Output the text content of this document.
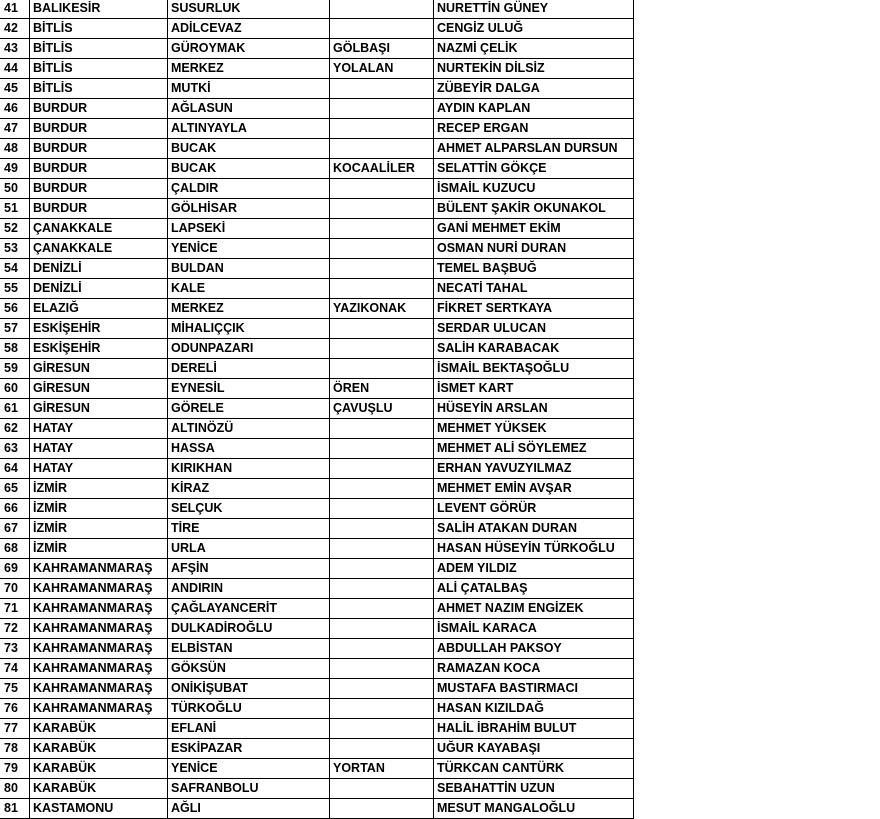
41	BALIKESİR	SUSURLUK		NURETTİN GÜNEY
42	BİTLİS	ADİLCEVAZ		CENGİZ ULUĞ
43	BİTLİS	GÜROYMAK	GÖLBAŞI	NAZMİ ÇELİK
44	BİTLİS	MERKEZ	YOLALAN	NURTEKİN DİLSİZ
45	BİTLİS	MUTKİ		ZÜBEYİR DALGA
46	BURDUR	AĞLASUN		AYDIN KAPLAN
47	BURDUR	ALTINYAYLA		RECEP ERGAN
48	BURDUR	BUCAK		AHMET ALPARSLAN DURSUN
49	BURDUR	BUCAK	KOCAALİLER	SELATTİN GÖKÇE
50	BURDUR	ÇALDIR		İSMAİL KUZUCU
51	BURDUR	GÖLHİSAR		BÜLENT ŞAKİR OKUNAKOL
52	ÇANAKKALE	LAPSEKİ		GANİ MEHMET EKİM
53	ÇANAKKALE	YENİCE		OSMAN NURİ DURAN
54	DENİZLİ	BULDAN		TEMEL BAŞBUĞ
55	DENİZLİ	KALE		NECATİ TAHAL
56	ELAZIĞ	MERKEZ	YAZIKONAK	FİKRET SERTKAYA
57	ESKİŞEHİR	MİHALIÇÇIK		SERDAR ULUCAN
58	ESKİŞEHİR	ODUNPAZARI		SALİH KARABACAK
59	GİRESUN	DERELİ		İSMAİL BEKTAŞOĞLU
60	GİRESUN	EYNESİL	ÖREN	İSMET KART
61	GİRESUN	GÖRELE	ÇAVUŞLU	HÜSEYİN ARSLAN
62	HATAY	ALTINÖZÜ		MEHMET YÜKSEK
63	HATAY	HASSA		MEHMET ALİ SÖYLEMEZ
64	HATAY	KIRIKHAN		ERHAN YAVUZYILMAZ
65	İZMİR	KİRAZ		MEHMET EMİN AVŞAR
66	İZMİR	SELÇUK		LEVENT GÖRÜR
67	İZMİR	TİRE		SALİH ATAKAN DURAN
68	İZMİR	URLA		HASAN HÜSEYİN TÜRKOĞLU
69	KAHRAMANMARAŞ	AFŞİN		ADEM YILDIZ
70	KAHRAMANMARAŞ	ANDIRIN		ALİ ÇATALBAŞ
71	KAHRAMANMARAŞ	ÇAĞLAYANCERİT		AHMET NAZIM ENGİZEK
72	KAHRAMANMARAŞ	DULKADİROĞLU		İSMAİL KARACA
73	KAHRAMANMARAŞ	ELBİSTAN		ABDULLAH PAKSOY
74	KAHRAMANMARAŞ	GÖKSÜN		RAMAZAN KOCA
75	KAHRAMANMARAŞ	ONİKİŞUBAT		MUSTAFA BASTIRMACI
76	KAHRAMANMARAŞ	TÜRKOĞLU		HASAN KIZILDAĞ
77	KARABÜK	EFLANİ		HALİL İBRAHİM BULUT
78	KARABÜK	ESKİPAZAR		UĞUR KAYABAŞI
79	KARABÜK	YENİCE	YORTAN	TÜRKCAN CANTÜRK
80	KARABÜK	SAFRANBOLU		SEBAHATTİN UZUN
81	KASTAMONU	AĞLI		MESUT MANGALOĞLU
